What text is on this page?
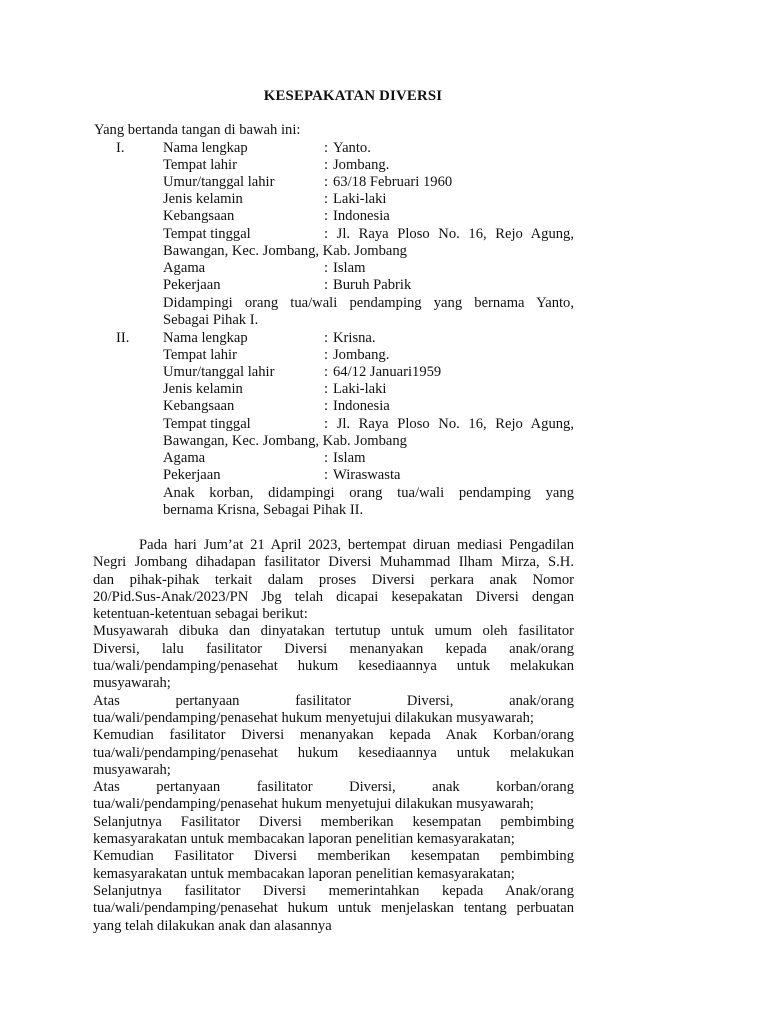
KESEPAKATAN DIVERSI
Yang bertanda tangan di bawah ini:
I.	Nama lengkap	: Yanto.
Tempat lahir	: Jombang.
Umur/tanggal lahir	: 63/18 Februari 1960
Jenis kelamin	: Laki-laki
Kebangsaan	: Indonesia
Tempat tinggal	: Jl. Raya Ploso No. 16, Rejo Agung,
Bawangan, Kec. Jombang, Kab. Jombang
Agama	: Islam
Pekerjaan	: Buruh Pabrik
Didampingi orang tua/wali pendamping yang bernama Yanto,
Sebagai Pihak I.
II. Nama lengkap	: Krisna.
Tempat lahir	: Jombang.
Umur/tanggal lahir	: 64/12 Januari1959
Jenis kelamin	: Laki-laki
Kebangsaan	: Indonesia
Tempat tinggal	: Jl. Raya Ploso No. 16, Rejo Agung,
Bawangan, Kec. Jombang, Kab. Jombang
Agama	: Islam
Pekerjaan	: Wiraswasta
Anak korban, didampingi orang tua/wali pendamping yang
bernama Krisna, Sebagai Pihak II.
Pada hari Jum’at 21 April 2023, bertempat diruan mediasi Pengadilan
Negri Jombang dihadapan fasilitator Diversi Muhammad Ilham Mirza, S.H.
dan pihak-pihak terkait dalam proses Diversi perkara anak Nomor
20/Pid.Sus-Anak/2023/PN Jbg telah dicapai kesepakatan Diversi dengan
ketentuan-ketentuan sebagai berikut:
Musyawarah dibuka dan dinyatakan tertutup untuk umum oleh fasilitator
Diversi, lalu fasilitator Diversi menanyakan kepada anak/orang
tua/wali/pendamping/penasehat hukum kesediaannya untuk melakukan
musyawarah;
Atas pertanyaan fasilitator Diversi, anak/orang
tua/wali/pendamping/penasehat hukum menyetujui dilakukan musyawarah;
Kemudian fasilitator Diversi menanyakan kepada Anak Korban/orang
tua/wali/pendamping/penasehat hukum kesediaannya untuk melakukan
musyawarah;
Atas pertanyaan fasilitator Diversi, anak korban/orang
tua/wali/pendamping/penasehat hukum menyetujui dilakukan musyawarah;
Selanjutnya Fasilitator Diversi memberikan kesempatan pembimbing
kemasyarakatan untuk membacakan laporan penelitian kemasyarakatan;
Kemudian Fasilitator Diversi memberikan kesempatan pembimbing
kemasyarakatan untuk membacakan laporan penelitian kemasyarakatan;
Selanjutnya fasilitator Diversi memerintahkan kepada Anak/orang
tua/wali/pendamping/penasehat hukum untuk menjelaskan tentang perbuatan
yang telah dilakukan anak dan alasannya
